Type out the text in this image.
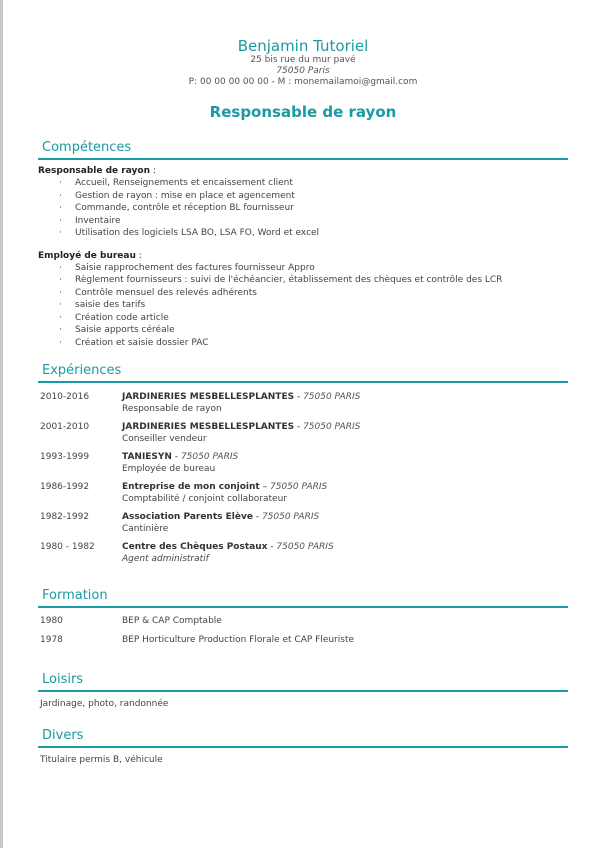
Benjamin Tutoriel
25 bis rue du mur pavé
75050 Paris
P: 00 00 00 00 00 - M : monemailamoi@gmail.com
Responsable de rayon
Compétences
Responsable de rayon :
· Accueil, Renseignements et encaissement client
· Gestion de rayon : mise en place et agencement
· Commande, contrôle et réception BL fournisseur
· Inventaire
· Utilisation des logiciels LSA BO, LSA FO, Word et excel
Employé de bureau :
· Saisie rapprochement des factures fournisseur Appro
· Règlement fournisseurs : suivi de l'échéancier, établissement des chèques et contrôle des LCR
· Contrôle mensuel des relevés adhérents
· saisie des tarifs
· Création code article
· Saisie apports céréale
· Création et saisie dossier PAC
Expériences
2010-2016	JARDINERIES MESBELLESPLANTES - 75050 PARIS
Responsable de rayon
2001-2010	JARDINERIES MESBELLESPLANTES - 75050 PARIS
Conseiller vendeur
1993-1999	TANIESYN - 75050 PARIS
Employée de bureau
1986-1992	Entreprise de mon conjoint – 75050 PARIS
Comptabilité / conjoint collaborateur
1982-1992	Association Parents Elève - 75050 PARIS
Cantinière
1980 - 1982	Centre des Chèques Postaux - 75050 PARIS
Agent administratif
Formation
1980	BEP & CAP Comptable
1978	BEP Horticulture Production Florale et CAP Fleuriste
Loisirs
Jardinage, photo, randonnée
Divers
Titulaire permis B, véhicule
